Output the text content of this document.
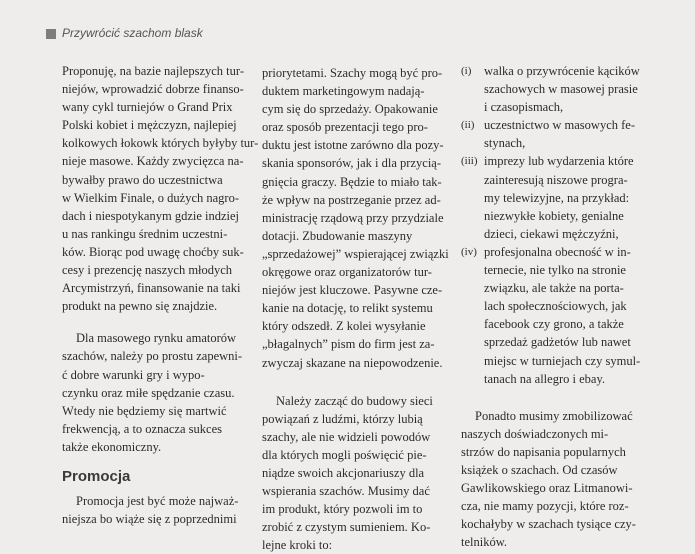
Przywrócić szachom blask
Proponuję, na bazie najlepszych tur-
niejów, wprowadzić dobrze finanso-
wany cykl turniejów o Grand Prix
Polski kobiet i mężczyzn, najlepiej
kolkowych łokowk których byłyby tur-
nieje masowe. Każdy zwycięzca na-
bywałby prawo do uczestnictwa
w Wielkim Finale, o dużych nagro-
dach i niespotykanym gdzie indziej
u nas rankingu średnim uczestni-
ków. Biorąc pod uwagę choćby suk-
cesy i prezencję naszych młodych
Arcymistrzyń, finansowanie na taki
produkt na pewno się znajdzie.
Dla masowego rynku amatorów
szachów, należy po prostu zapewni-
ć dobre warunki gry i wypo-
czynku oraz miłe spędzanie czasu.
Wtedy nie będziemy się martwić
frekwencją, a to oznacza sukces
także ekonomiczny.
Promocja
Promocja jest być może najważ-
niejsza bo wiąże się z poprzednimi
priorytetami. Szachy mogą być pro-
duktem marketingowym nadają-
cym się do sprzedaży. Opakowanie
oraz sposób prezentacji tego pro-
duktu jest istotne zarówno dla pozy-
skania sponsorów, jak i dla przycią-
gnięcia graczy. Będzie to miało tak-
że wpływ na postrzeganie przez ad-
ministrację rządową przy przydziale
dotacji. Zbudowanie maszyny
„sprzedażowej” wspierającej związki
okręgowe oraz organizatorów tur-
niejów jest kluczowe. Pasywne cze-
kanie na dotację, to relikt systemu
który odszedł. Z kolei wysyłanie
„błagalnych” pism do firm jest za-
zwyczaj skazane na niepowodzenie.
Należy zacząć do budowy sieci
powiązań z ludźmi, którzy lubią
szachy, ale nie widzieli powodów
dla których mogli poświęcić pie-
niądze swoich akcjonariuszy dla
wspierania szachów. Musimy dać
im produkt, który pozwoli im to
zrobić z czystym sumieniem. Ko-
lejne kroki to:
(i) walka o przywrócenie kącików
szachowych w masowej prasie
i czasopismach,
(ii) uczestnictwo w masowych fe-
stynach,
(iii) imprezy lub wydarzenia które
zainteresują niszowe progra-
my telewizyjne, na przykład:
niezwykłe kobiety, genialne
dzieci, ciekawi mężczyźni,
(iv) profesjonalna obecność w in-
ternecie, nie tylko na stronie
związku, ale także na porta-
lach społecznościowych, jak
facebook czy grono, a także
sprzedaż gadżetów lub nawet
miejsc w turniejach czy symul-
tanach na allegro i ebay.
Ponadto musimy zmobilizować
naszych doświadczonych mi-
strzów do napisania popularnych
książek o szachach. Od czasów
Gawlikowskiego oraz Litmanowi-
cza, nie mamy pozycji, które roz-
kochałyby w szachach tysiące czy-
telników.
